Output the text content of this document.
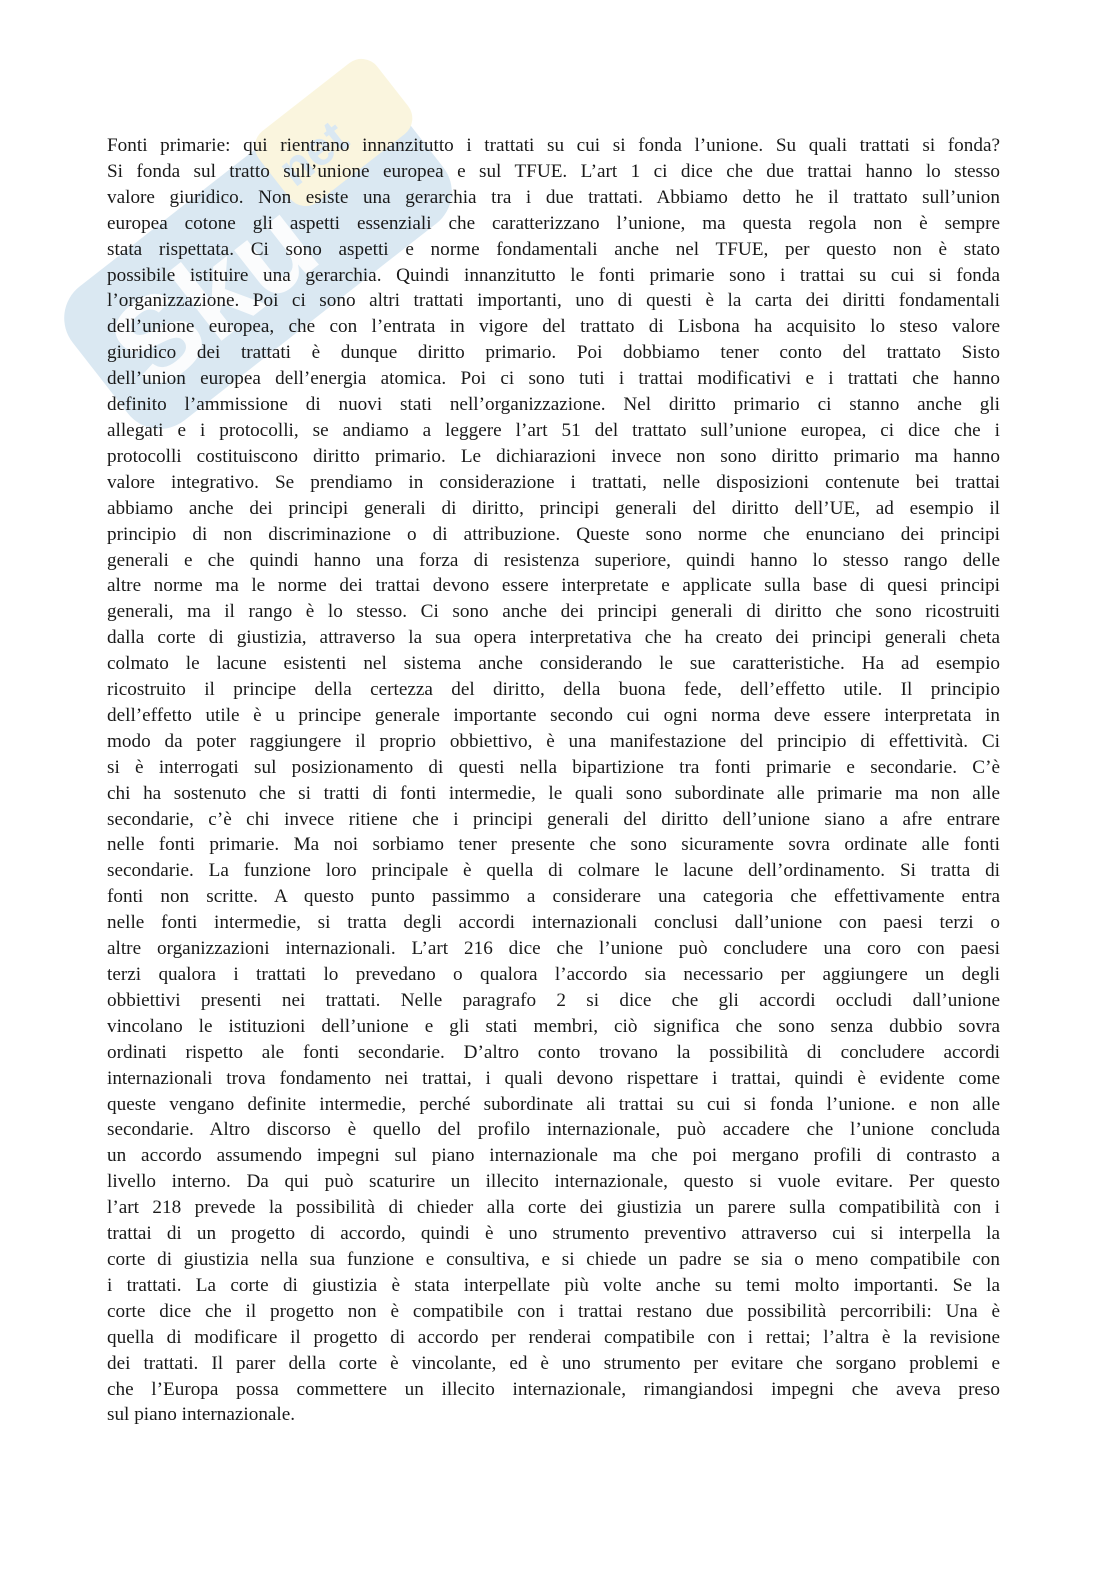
Sku
net
Fonti primarie: qui rientrano innanzitutto i trattati su cui si fonda l’unione. Su quali trattati si fonda?
Si fonda sul tratto sull’unione europea e sul TFUE. L’art 1 ci dice che due trattai hanno lo stesso
valore giuridico. Non esiste una gerarchia tra i due trattati. Abbiamo detto he il trattato sull’union
europea cotone gli aspetti essenziali che caratterizzano l’unione, ma questa regola non è sempre
stata rispettata. Ci sono aspetti e norme fondamentali anche nel TFUE, per questo non è stato
possibile istituire una gerarchia. Quindi innanzitutto le fonti primarie sono i trattai su cui si fonda
l’organizzazione. Poi ci sono altri trattati importanti, uno di questi è la carta dei diritti fondamentali
dell’unione europea, che con l’entrata in vigore del trattato di Lisbona ha acquisito lo steso valore
giuridico dei trattati è dunque diritto primario. Poi dobbiamo tener conto del trattato Sisto
dell’union europea dell’energia atomica. Poi ci sono tuti i trattai modificativi e i trattati che hanno
definito l’ammissione di nuovi stati nell’organizzazione. Nel diritto primario ci stanno anche gli
allegati e i protocolli, se andiamo a leggere l’art 51 del trattato sull’unione europea, ci dice che i
protocolli costituiscono diritto primario. Le dichiarazioni invece non sono diritto primario ma hanno
valore integrativo. Se prendiamo in considerazione i trattati, nelle disposizioni contenute bei trattai
abbiamo anche dei principi generali di diritto, principi generali del diritto dell’UE, ad esempio il
principio di non discriminazione o di attribuzione. Queste sono norme che enunciano dei principi
generali e che quindi hanno una forza di resistenza superiore, quindi hanno lo stesso rango delle
altre norme ma le norme dei trattai devono essere interpretate e applicate sulla base di quesi principi
generali, ma il rango è lo stesso. Ci sono anche dei principi generali di diritto che sono ricostruiti
dalla corte di giustizia, attraverso la sua opera interpretativa che ha creato dei principi generali cheta
colmato le lacune esistenti nel sistema anche considerando le sue caratteristiche. Ha ad esempio
ricostruito il principe della certezza del diritto, della buona fede, dell’effetto utile. Il principio
dell’effetto utile è u principe generale importante secondo cui ogni norma deve essere interpretata in
modo da poter raggiungere il proprio obbiettivo, è una manifestazione del principio di effettività. Ci
si è interrogati sul posizionamento di questi nella bipartizione tra fonti primarie e secondarie. C’è
chi ha sostenuto che si tratti di fonti intermedie, le quali sono subordinate alle primarie ma non alle
secondarie, c’è chi invece ritiene che i principi generali del diritto dell’unione siano a afre entrare
nelle fonti primarie. Ma noi sorbiamo tener presente che sono sicuramente sovra ordinate alle fonti
secondarie. La funzione loro principale è quella di colmare le lacune dell’ordinamento. Si tratta di
fonti non scritte. A questo punto passimmo a considerare una categoria che effettivamente entra
nelle fonti intermedie, si tratta degli accordi internazionali conclusi dall’unione con paesi terzi o
altre organizzazioni internazionali. L’art 216 dice che l’unione può concludere una coro con paesi
terzi qualora i trattati lo prevedano o qualora l’accordo sia necessario per aggiungere un degli
obbiettivi presenti nei trattati. Nelle paragrafo 2 si dice che gli accordi occludi dall’unione
vincolano le istituzioni dell’unione e gli stati membri, ciò significa che sono senza dubbio sovra
ordinati rispetto ale fonti secondarie. D’altro conto trovano la possibilità di concludere accordi
internazionali trova fondamento nei trattai, i quali devono rispettare i trattai, quindi è evidente come
queste vengano definite intermedie, perché subordinate ali trattai su cui si fonda l’unione. e non alle
secondarie. Altro discorso è quello del profilo internazionale, può accadere che l’unione concluda
un accordo assumendo impegni sul piano internazionale ma che poi mergano profili di contrasto a
livello interno. Da qui può scaturire un illecito internazionale, questo si vuole evitare. Per questo
l’art 218 prevede la possibilità di chieder alla corte dei giustizia un parere sulla compatibilità con i
trattai di un progetto di accordo, quindi è uno strumento preventivo attraverso cui si interpella la
corte di giustizia nella sua funzione e consultiva, e si chiede un padre se sia o meno compatibile con
i trattati. La corte di giustizia è stata interpellate più volte anche su temi molto importanti. Se la
corte dice che il progetto non è compatibile con i trattai restano due possibilità percorribili: Una è
quella di modificare il progetto di accordo per renderai compatibile con i rettai; l’altra è la revisione
dei trattati. Il parer della corte è vincolante, ed è uno strumento per evitare che sorgano problemi e
che l’Europa possa commettere un illecito internazionale, rimangiandosi impegni che aveva preso
sul piano internazionale.
